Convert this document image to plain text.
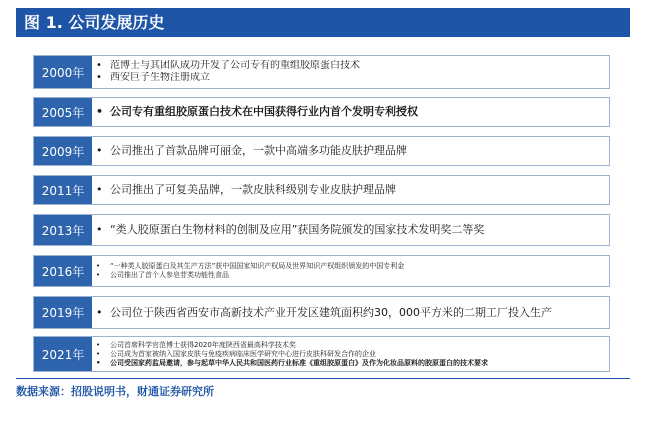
图 1. 公司发展历史
2000年	• 范博士与其团队成功开发了公司专有的重组胶原蛋白技术
• 西安巨子生物注册成立
2005年	• 公司专有重组胶原蛋白技术在中国获得行业内首个发明专利授权
2009年	• 公司推出了首款品牌可丽金，一款中高端多功能皮肤护理品牌
2011年	• 公司推出了可复美品牌，一款皮肤科级别专业皮肤护理品牌
2013年	• “类人胶原蛋白生物材料的创制及应用”获国务院颁发的国家技术发明奖二等奖
2016年	•	“一种类人胶原蛋白及其生产方法”获中国国家知识产权局及世界知识产权组织颁发的中国专利金
•	公司推出了首个人参皂苷类功能性食品
2019年	• 公司位于陕西省西安市高新技术产业开发区建筑面积约30，000平方米的二期工厂投入生产
2021年
•	公司首席科学官范博士获得2020年度陕西省最高科学技术奖
•	公司成为首家被纳入国家皮肤与免疫疾病临床医学研究中心进行皮肤科研发合作的企业
•	公司受国家药监局邀请，参与起草中华人民共和国医药行业标准《重组胶原蛋白》及作为化妆品原料的胶原蛋白的技术要求
数据来源：招股说明书，财通证券研究所
